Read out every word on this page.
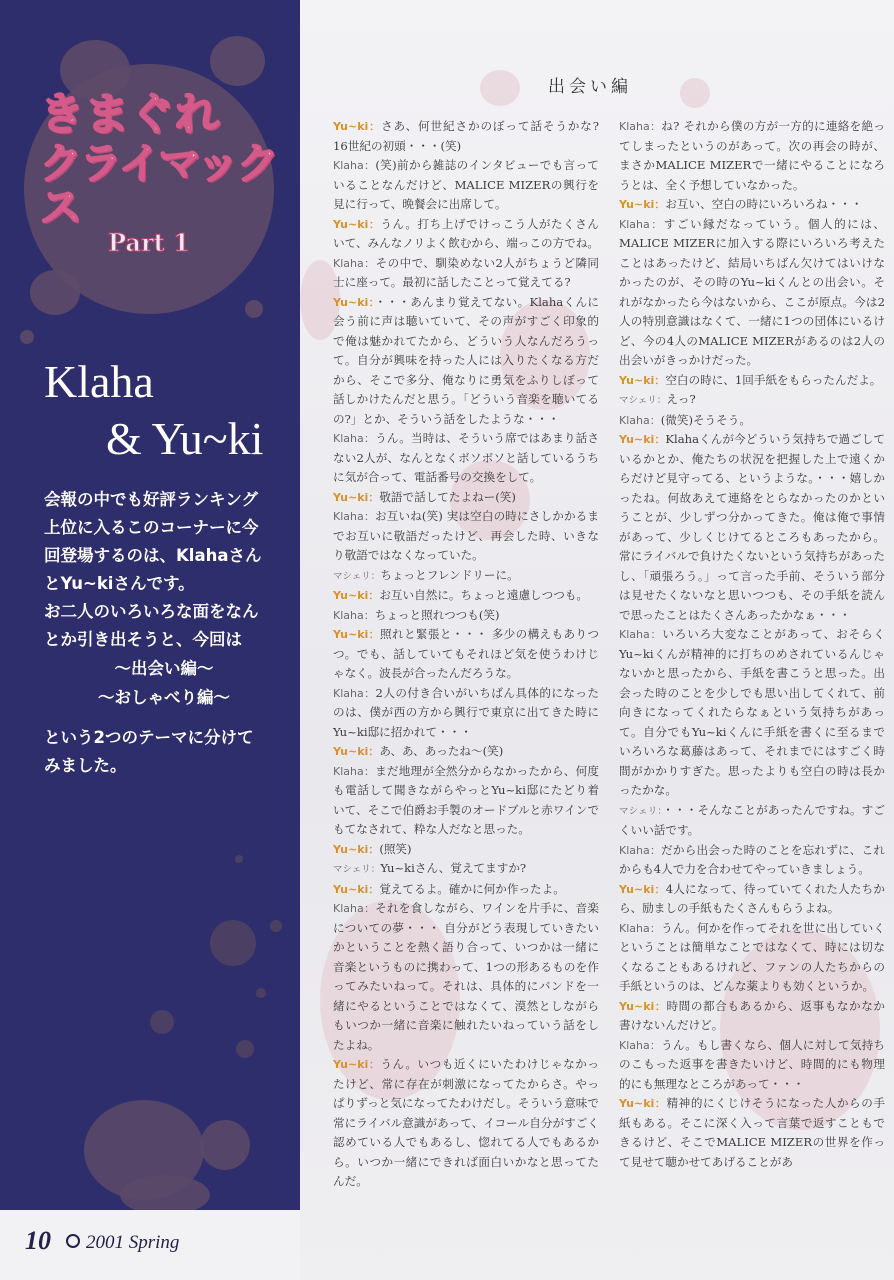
きまぐれ
クライマックス
Part 1
Klaha
& Yu~ki

会報の中でも好評ランキング

上位に入るこのコーナーに今

回登場するのは、Klahaさん

とYu~kiさんです。

お二人のいろいろな面をなん

とか引き出そうと、今回は

～出会い編～

～おしゃべり編～

という2つのテーマに分けて

みました。

10 2001 Spring
出会い編

Yu~ki：さあ、何世紀さかのぼって話そうかな? 16世紀の初頭・・・(笑)

Klaha：(笑)前から雑誌のインタビューでも言っていることなんだけど、MALICE MIZERの興行を見に行って、晩餐会に出席して。

Yu~ki：うん。打ち上げでけっこう人がたくさんいて、みんなノリよく飲むから、端っこの方でね。

Klaha：その中で、馴染めない2人がちょうど隣同士に座って。最初に話したことって覚えてる?

Yu~ki：・・・あんまり覚えてない。Klahaくんに会う前に声は聴いていて、その声がすごく印象的で俺は魅かれてたから、どういう人なんだろうって。自分が興味を持った人には入りたくなる方だから、そこで多分、俺なりに勇気をふりしぼって話しかけたんだと思う。「どういう音楽を聴いてるの?」とか、そういう話をしたような・・・

Klaha：うん。当時は、そういう席ではあまり話さない2人が、なんとなくボソボソと話しているうちに気が合って、電話番号の交換をして。

Yu~ki：敬語で話してたよねー(笑)

Klaha：お互いね(笑) 実は空白の時にさしかかるまでお互いに敬語だったけど、再会した時、いきなり敬語ではなくなっていた。

マシェリ：ちょっとフレンドリーに。

Yu~ki：お互い自然に。ちょっと遠慮しつつも。

Klaha：ちょっと照れつつも(笑)

Yu~ki：照れと緊張と・・・ 多少の構えもありつつ。でも、話していてもそれほど気を使うわけじゃなく。波長が合ったんだろうな。

Klaha：2人の付き合いがいちばん具体的になったのは、僕が西の方から興行で東京に出てきた時にYu~ki邸に招かれて・・・

Yu~ki：あ、あ、あったね～(笑)

Klaha：まだ地理が全然分からなかったから、何度も電話して聞きながらやっとYu~ki邸にたどり着いて、そこで伯爵お手製のオードブルと赤ワインでもてなされて、粋な人だなと思った。

Yu~ki：(照笑)

マシェリ：Yu~kiさん、覚えてますか?

Yu~ki：覚えてるよ。確かに何か作ったよ。

Klaha：それを食しながら、ワインを片手に、音楽についての夢・・・ 自分がどう表現していきたいかということを熱く語り合って、いつかは一緒に音楽というものに携わって、1つの形あるものを作ってみたいねって。それは、具体的にバンドを一緒にやるということではなくて、漠然としながらもいつか一緒に音楽に触れたいねっていう話をしたよね。

Yu~ki：うん。いつも近くにいたわけじゃなかったけど、常に存在が刺激になってたからさ。やっぱりずっと気になってたわけだし。そういう意味で常にライバル意識があって、イコール自分がすごく認めている人でもあるし、惚れてる人でもあるから。いつか一緒にできれば面白いかなと思ってたんだ。

Klaha：ね? それから僕の方が一方的に連絡を絶ってしまったというのがあって。次の再会の時が、まさかMALICE MIZERで一緒にやることになろうとは、全く予想していなかった。

Yu~ki：お互い、空白の時にいろいろね・・・

Klaha：すごい縁だなっていう。個人的には、MALICE MIZERに加入する際にいろいろ考えたことはあったけど、結局いちばん欠けてはいけなかったのが、その時のYu~kiくんとの出会い。それがなかったら今はないから、ここが原点。今は2人の特別意識はなくて、一緒に1つの団体にいるけど、今の4人のMALICE MIZERがあるのは2人の出会いがきっかけだった。

Yu~ki：空白の時に、1回手紙をもらったんだよ。

マシェリ：えっ?

Klaha：(微笑)そうそう。

Yu~ki：Klahaくんが今どういう気持ちで過ごしているかとか、俺たちの状況を把握した上で遠くからだけど見守ってる、というような。・・・嬉しかったね。何故あえて連絡をとらなかったのかということが、少しずつ分かってきた。俺は俺で事情があって、少しくじけてるところもあったから。常にライバルで負けたくないという気持ちがあったし、「頑張ろう。」って言った手前、そういう部分は見せたくないなと思いつつも、その手紙を読んで思ったことはたくさんあったかなぁ・・・

Klaha：いろいろ大変なことがあって、おそらくYu~kiくんが精神的に打ちのめされているんじゃないかと思ったから、手紙を書こうと思った。出会った時のことを少しでも思い出してくれて、前向きになってくれたらなぁという気持ちがあって。自分でもYu~kiくんに手紙を書くに至るまでいろいろな葛藤はあって、それまでにはすごく時間がかかりすぎた。思ったよりも空白の時は長かったかな。

マシェリ：・・・そんなことがあったんですね。すごくいい話です。

Klaha：だから出会った時のことを忘れずに、これからも4人で力を合わせてやっていきましょう。

Yu~ki：4人になって、待っていてくれた人たちから、励ましの手紙もたくさんもらうよね。

Klaha：うん。何かを作ってそれを世に出していくということは簡単なことではなくて、時には切なくなることもあるけれど、ファンの人たちからの手紙というのは、どんな薬よりも効くというか。

Yu~ki：時間の都合もあるから、返事もなかなか書けないんだけど。

Klaha：うん。もし書くなら、個人に対して気持ちのこもった返事を書きたいけど、時間的にも物理的にも無理なところがあって・・・

Yu~ki：精神的にくじけそうになった人からの手紙もある。そこに深く入って言葉で返すこともできるけど、そこでMALICE MIZERの世界を作って見せて聴かせてあげることがあ
